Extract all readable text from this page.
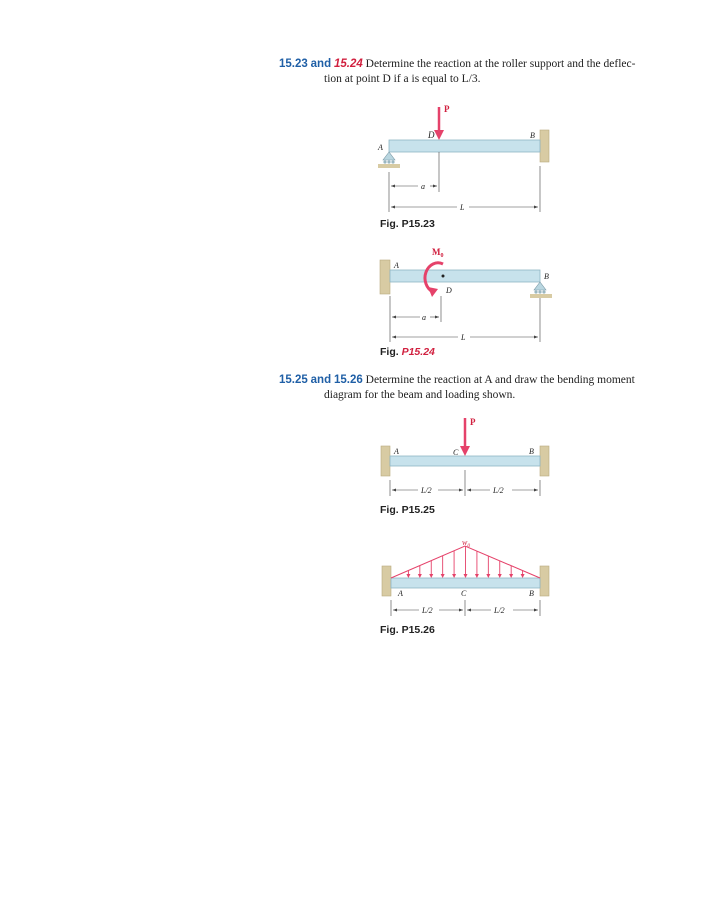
15.23 and 15.24 Determine the reaction at the roller support and the deflec-
tion at point D if a is equal to L/3.
P
D
A
B
a
L
Fig. P15.23
$M_0$
D
A
B
a
L
Fig. P15.24
15.25 and 15.26 Determine the reaction at A and draw the bending moment
diagram for the beam and loading shown.
P
C
A	B
L/2	L/2
Fig. P15.25
$w_0$
A	C	B
L/2	L/2
Fig. P15.26
